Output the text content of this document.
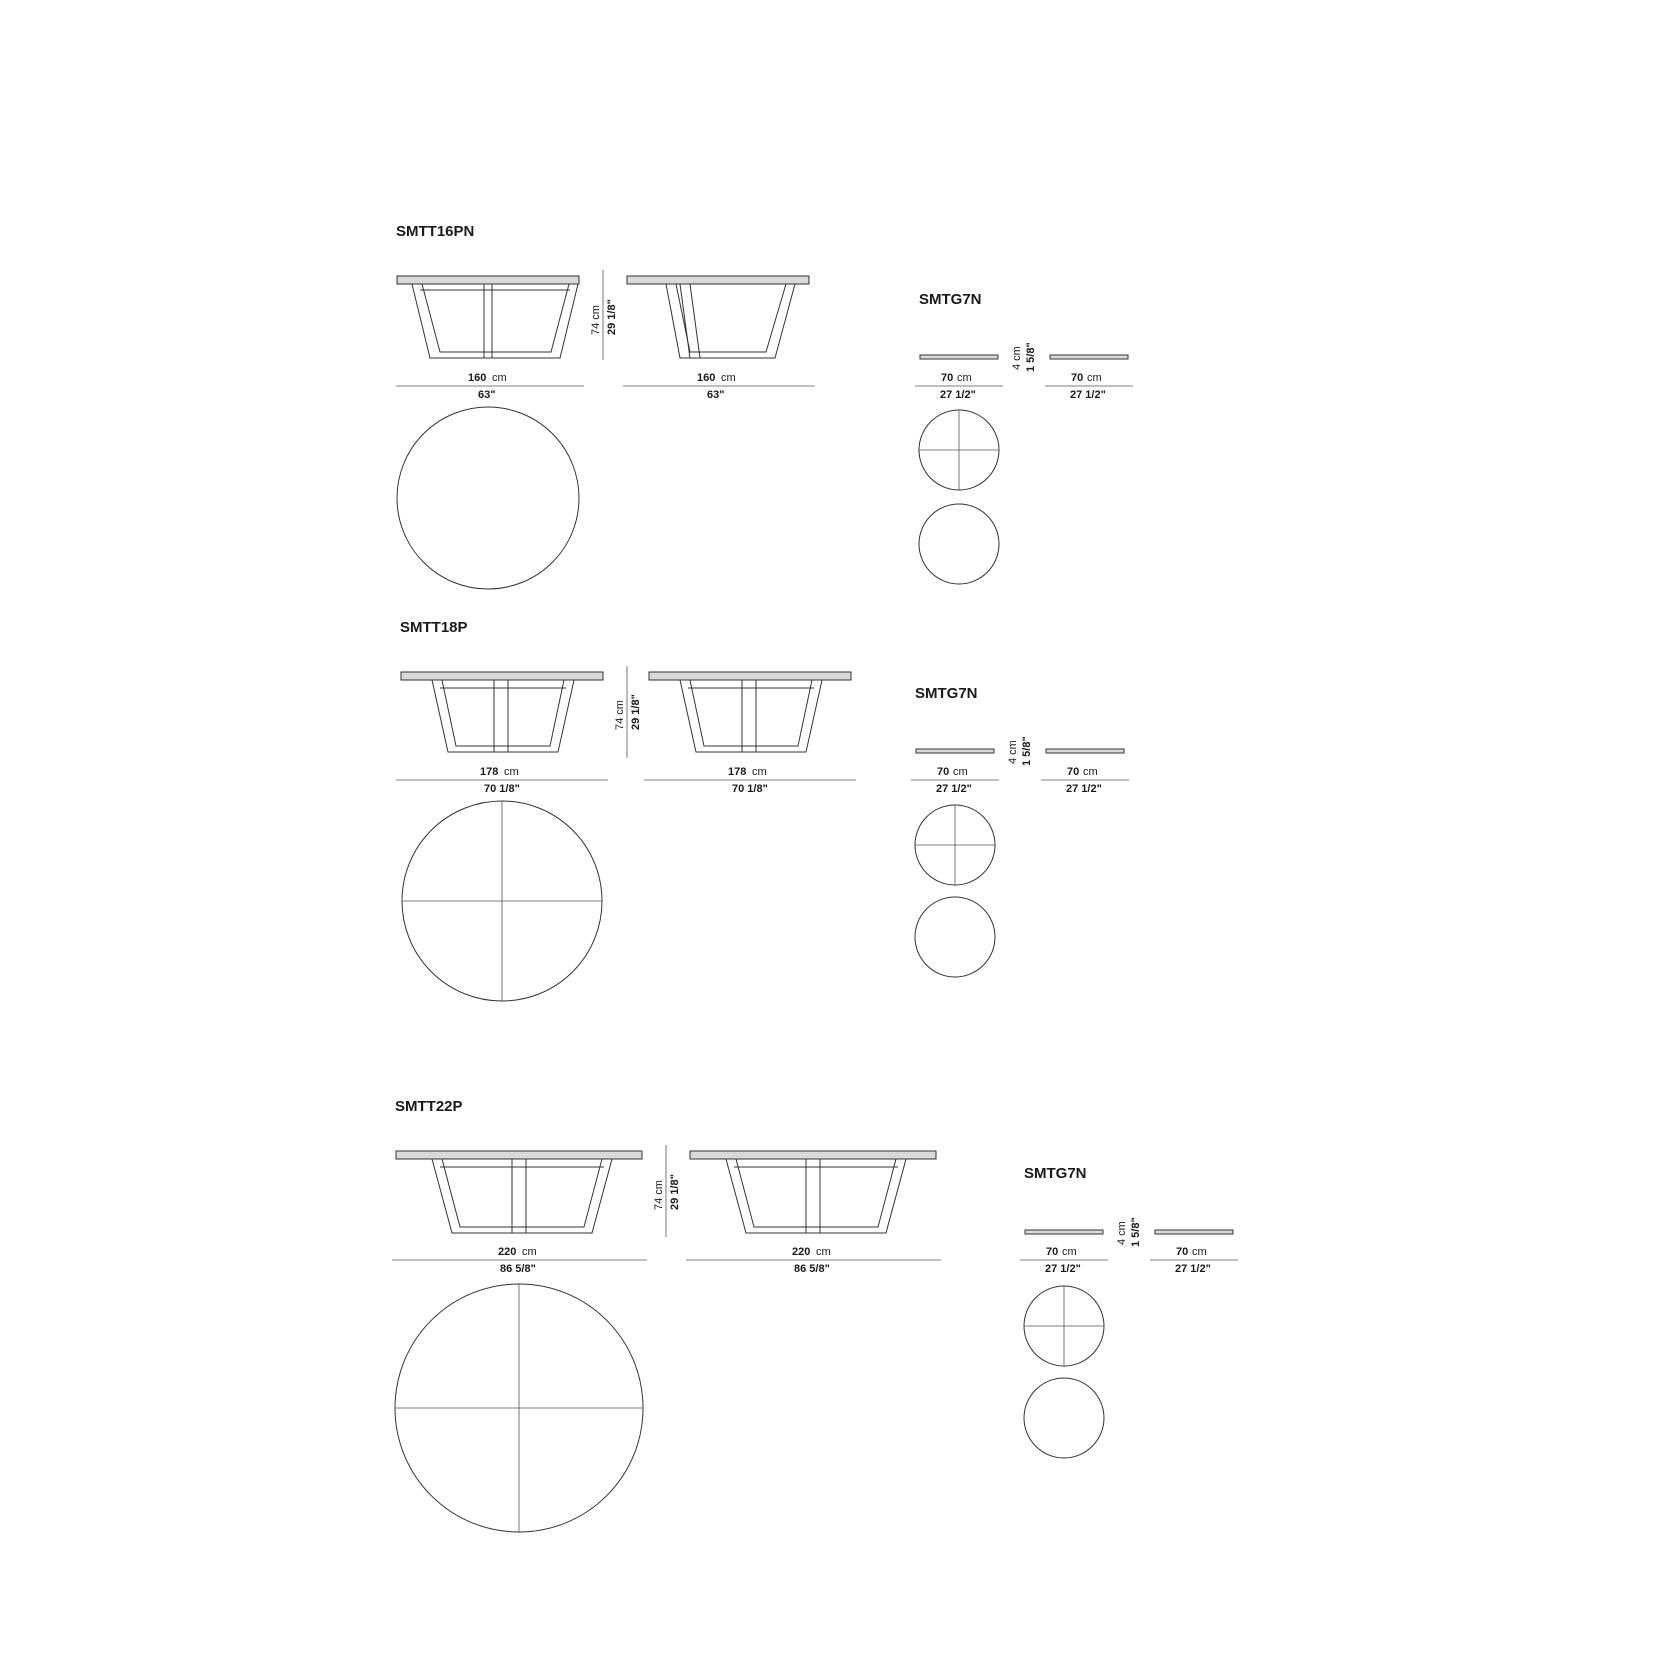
SMTT16PN
74 cm 29 1/8"
160 cm
63"
160 cm
63"
SMTG7N
4 cm 1 5/8"
70 cm
27 1/2"
70 cm
27 1/2"
SMTT18P
74 cm 29 1/8"
178 cm
70 1/8"
178 cm
70 1/8"
SMTG7N
4 cm 1 5/8"
70 cm
27 1/2"
70 cm
27 1/2"
SMTT22P
74 cm 29 1/8"
220 cm
86 5/8"
220 cm
86 5/8"
SMTG7N
4 cm 1 5/8"
70 cm
27 1/2"
70 cm
27 1/2"
